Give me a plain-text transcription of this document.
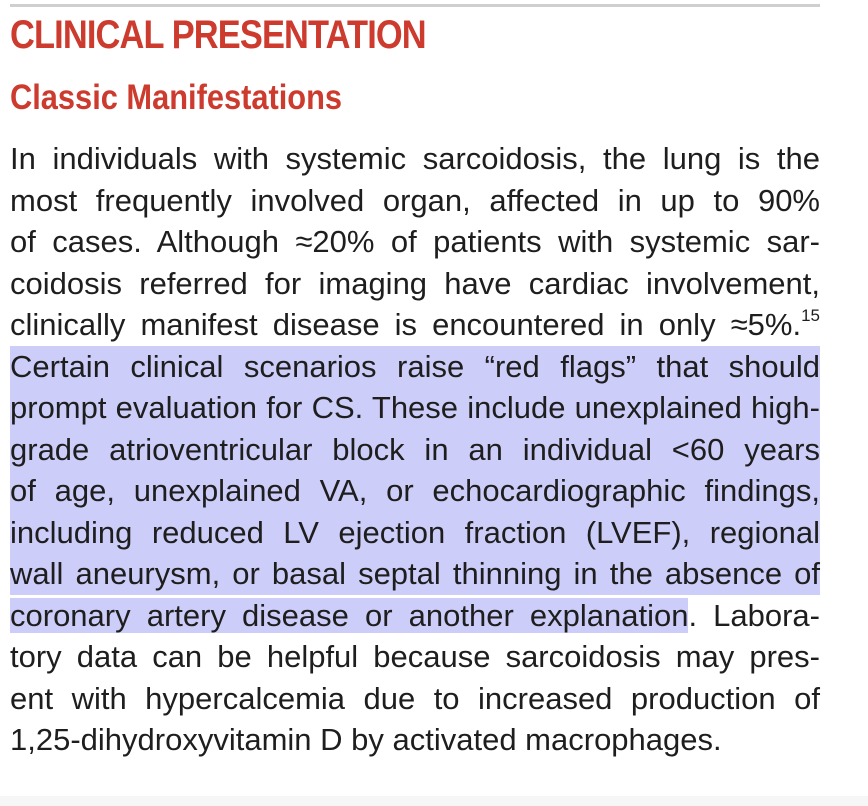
CLINICAL PRESENTATION
Classic Manifestations
In individuals with systemic sarcoidosis, the lung is the
most frequently involved organ, affected in up to 90%
of cases. Although ≈20% of patients with systemic sar-
coidosis referred for imaging have cardiac involvement,
clinically manifest disease is encountered in only ≈5%.$^{15}$
Certain clinical scenarios raise “red flags” that should
prompt evaluation for CS. These include unexplained high-
grade atrioventricular block in an individual <60 years
of age, unexplained VA, or echocardiographic findings,
including reduced LV ejection fraction (LVEF), regional
wall aneurysm, or basal septal thinning in the absence of
coronary artery disease or another explanation. Labora-
tory data can be helpful because sarcoidosis may pres-
ent with hypercalcemia due to increased production of
1,25-dihydroxyvitamin D by activated macrophages.
